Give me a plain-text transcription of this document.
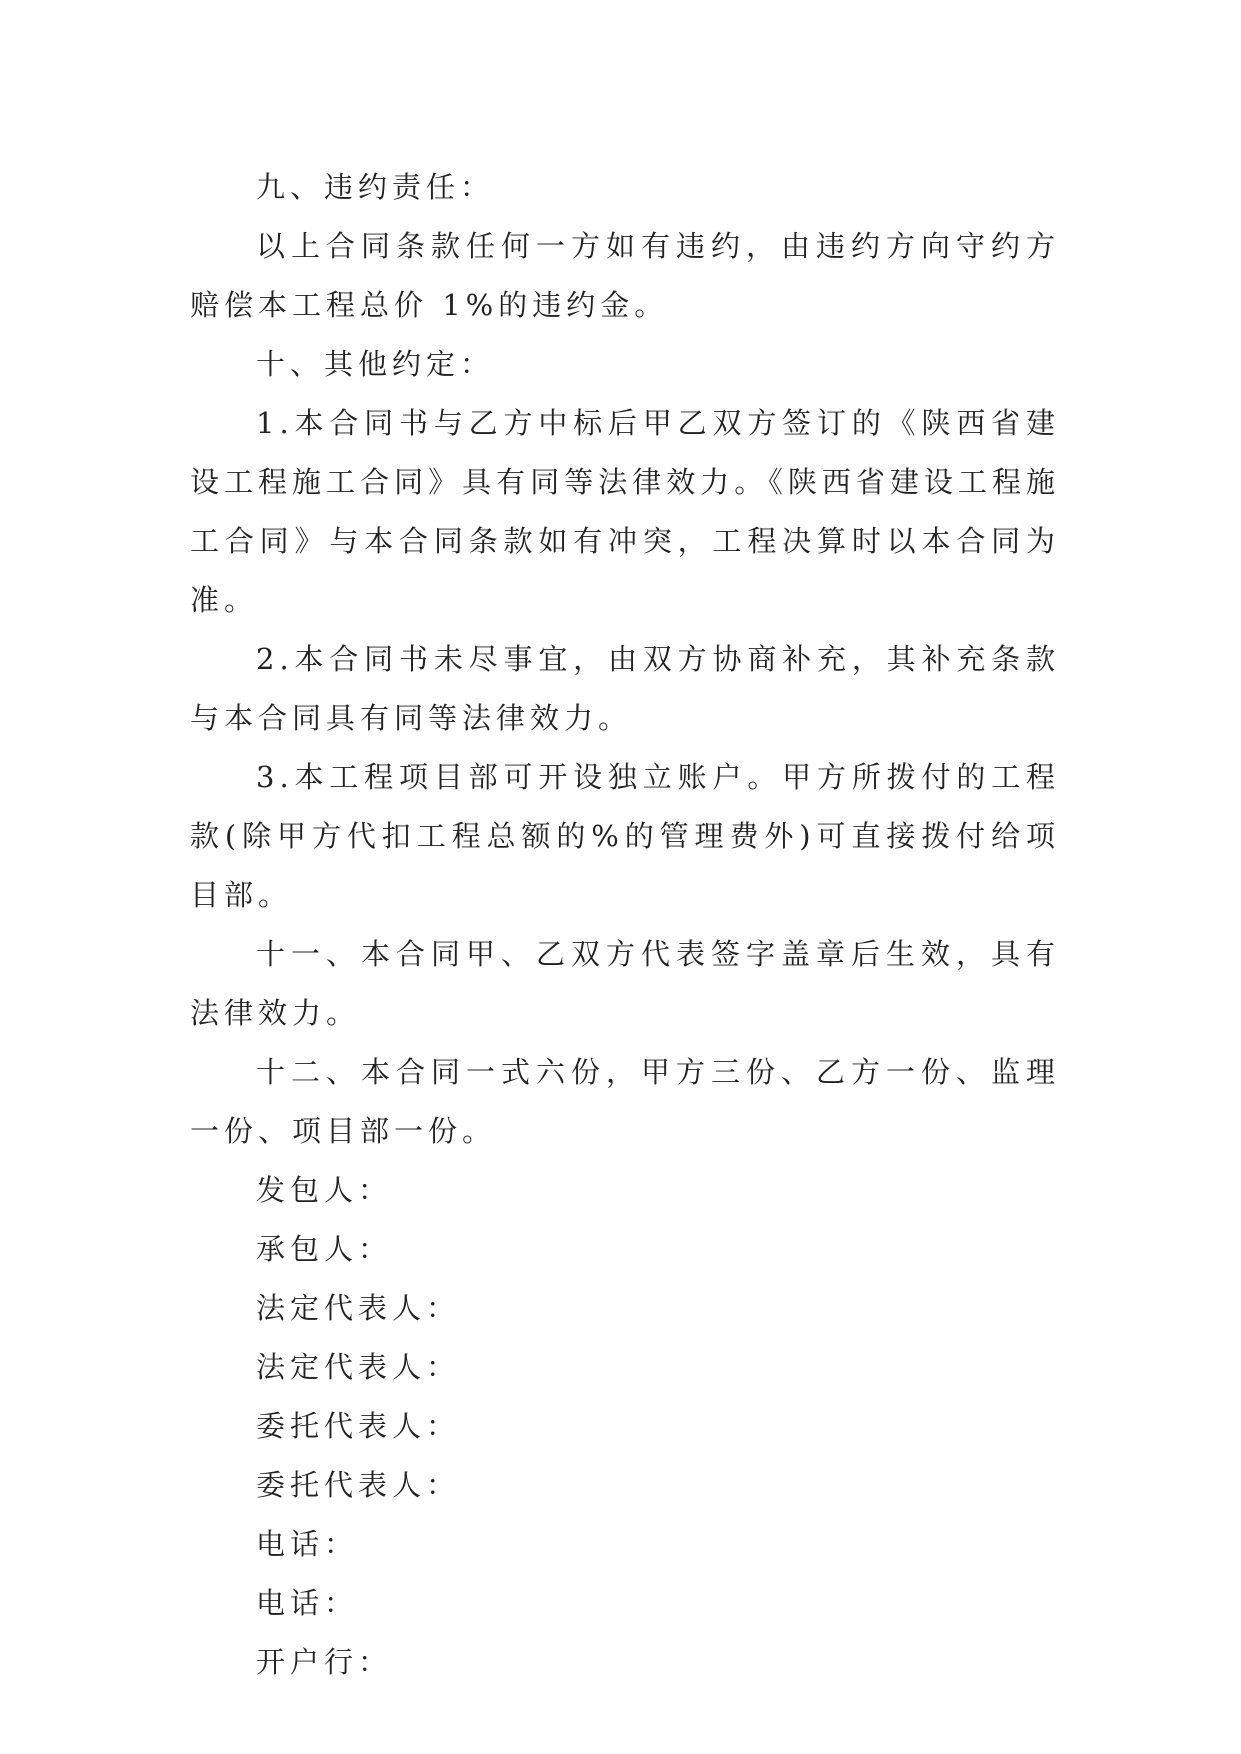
九、违约责任：

以上合同条款任何一方如有违约，由违约方向守约方赔偿本工程总价 1%的违约金。

十、其他约定：

1.本合同书与乙方中标后甲乙双方签订的《陕西省建设工程施工合同》具有同等法律效力。《陕西省建设工程施工合同》与本合同条款如有冲突，工程决算时以本合同为准。

2.本合同书未尽事宜，由双方协商补充，其补充条款与本合同具有同等法律效力。

3.本工程项目部可开设独立账户。甲方所拨付的工程款(除甲方代扣工程总额的%的管理费外)可直接拨付给项目部。

十一、本合同甲、乙双方代表签字盖章后生效，具有法律效力。

十二、本合同一式六份，甲方三份、乙方一份、监理一份、项目部一份。

发包人：

承包人：

法定代表人：

法定代表人：

委托代表人：

委托代表人：

电话：

电话：

开户行：
